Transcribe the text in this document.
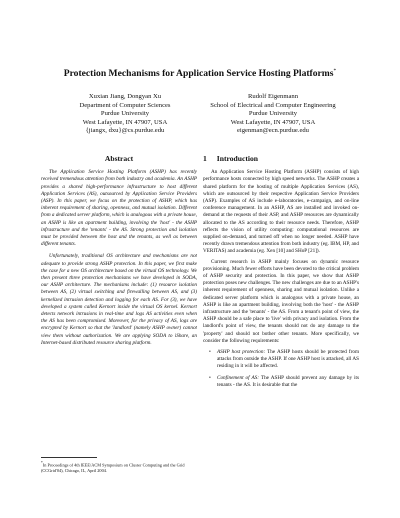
Protection Mechanisms for Application Service Hosting Platforms*
Xuxian Jiang, Dongyan Xu
Department of Computer Sciences
Purdue University
West Lafayette, IN 47907, USA
{jiangx, dxu}@cs.purdue.edu
Rudolf Eigenmann
School of Electrical and Computer Engineering
Purdue University
West Lafayette, IN 47907, USA
eigenman@ecn.purdue.edu
Abstract

The Application Service Hosting Platform (ASHP) has recently received tremendous attention from both industry and academia. An ASHP provides a shared high-performance infrastructure to host different Application Services (AS), outsourced by Application Service Providers (ASP). In this paper, we focus on the protection of ASHP, which has inherent requirement of sharing, openness, and mutual isolation. Different from a dedicated server platform, which is analogous with a private house, an ASHP is like an apartment building, involving the 'host' - the ASHP infrastructure and the 'tenants' - the AS. Strong protection and isolation must be provided between the host and the tenants, as well as between different tenants.

Unfortunately, traditional OS architecture and mechanisms are not adequate to provide strong ASHP protection. In this paper, we first make the case for a new OS architecture based on the virtual OS technology. We then present three protection mechanisms we have developed in SODA, our ASHP architecture. The mechanisms include: (1) resource isolation between AS, (2) virtual switching and firewalling between AS, and (3) kernelized intrusion detection and logging for each AS. For (3), we have developed a system called Kernort inside the virtual OS kernel. Kernort detects network intrusions in real-time and logs AS activities even when the AS has been compromised. Moreover, for the privacy of AS, logs are encrypted by Kernort so that the 'landlord' (namely ASHP owner) cannot view them without authorization. We are applying SODA to iShare, an Internet-based distributed resource sharing platform.

1 Introduction

An Application Service Hosting Platform (ASHP) consists of high performance hosts connected by high speed networks. The ASHP creates a shared platform for the hosting of multiple Application Services (AS), which are outsourced by their respective Application Service Providers (ASP). Examples of AS include e-laboratories, e-campaign, and on-line conference management. In an ASHP, AS are installed and invoked on-demand at the requests of their ASP, and ASHP resources are dynamically allocated to the AS according to their resource needs. Therefore, ASHP reflects the vision of utility computing: computational resources are supplied on-demand, and turned off when no longer needed. ASHP have recently drawn tremendous attention from both industry (eg. IBM, HP, and VERITAS) and academia (eg. Xen [10] and SHoP [21]).

Current research in ASHP mainly focuses on dynamic resource provisioning. Much fewer efforts have been devoted to the critical problem of ASHP security and protection. In this paper, we show that ASHP protection poses new challenges. The new challenges are due to an ASHP's inherent requirement of openness, sharing and mutual isolation. Unlike a dedicated server platform which is analogous with a private house, an ASHP is like an apartment building, involving both the 'host' - the ASHP infrastructure and the 'tenants' - the AS. From a tenant's point of view, the ASHP should be a safe place to 'live' with privacy and isolation. From the landlord's point of view, the tenants should not do any damage to the 'property' and should not bother other tenants. More specifically, we consider the following requirements:

• ASHP host protection: The ASHP hosts should be protected from attacks from outside the ASHP. If one ASHP host is attacked, all AS residing in it will be affected.
• Confinement of AS: The ASHP should prevent any damage by its tenants - the AS. It is desirable that the
*In Proceedings of 4th IEEE/ACM Symposium on Cluster Computing and the Grid (CCGrid'04), Chicago, IL, April 2004.
